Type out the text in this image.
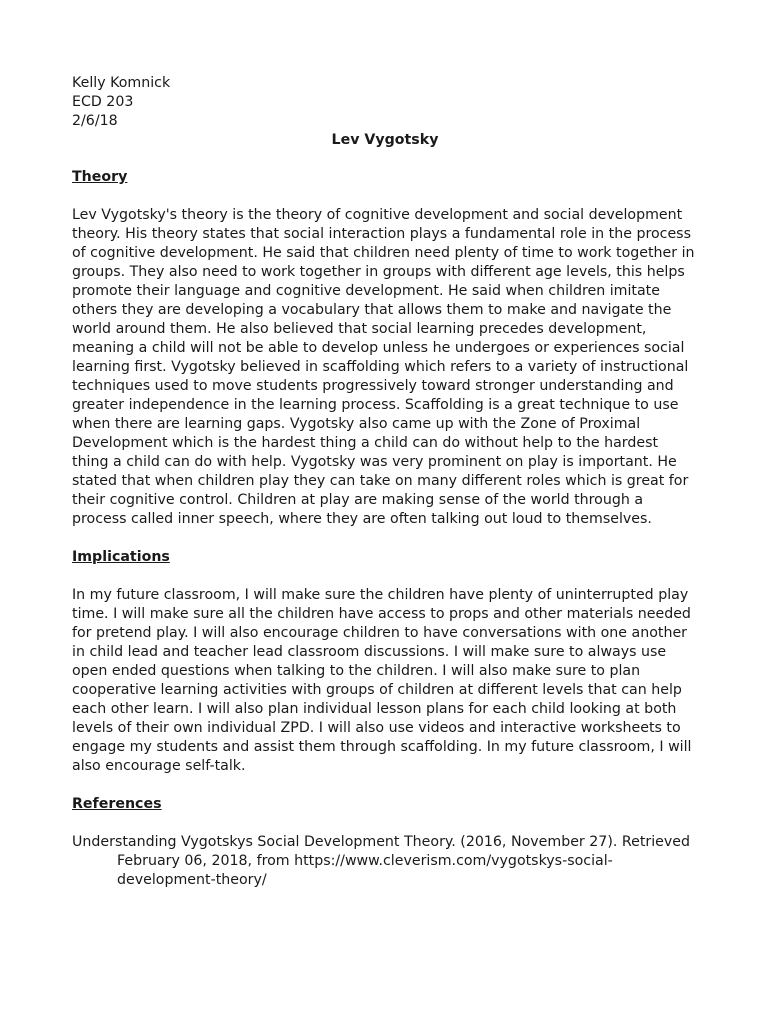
Kelly Komnick

ECD 203

2/6/18

Lev Vygotsky

Theory

Lev Vygotsky's theory is the theory of cognitive development and social development theory. His theory states that social interaction plays a fundamental role in the process of cognitive development. He said that children need plenty of time to work together in groups. They also need to work together in groups with different age levels, this helps promote their language and cognitive development. He said when children imitate others they are developing a vocabulary that allows them to make and navigate the world around them. He also believed that social learning precedes development, meaning a child will not be able to develop unless he undergoes or experiences social learning first. Vygotsky believed in scaffolding which refers to a variety of instructional techniques used to move students progressively toward stronger understanding and greater independence in the learning process. Scaffolding is a great technique to use when there are learning gaps. Vygotsky also came up with the Zone of Proximal Development which is the hardest thing a child can do without help to the hardest thing a child can do with help. Vygotsky was very prominent on play is important. He stated that when children play they can take on many different roles which is great for their cognitive control. Children at play are making sense of the world through a process called inner speech, where they are often talking out loud to themselves.

Implications

In my future classroom, I will make sure the children have plenty of uninterrupted play time. I will make sure all the children have access to props and other materials needed for pretend play. I will also encourage children to have conversations with one another in child lead and teacher lead classroom discussions. I will make sure to always use open ended questions when talking to the children. I will also make sure to plan cooperative learning activities with groups of children at different levels that can help each other learn. I will also plan individual lesson plans for each child looking at both levels of their own individual ZPD. I will also use videos and interactive worksheets to engage my students and assist them through scaffolding. In my future classroom, I will also encourage self-talk.

References

Understanding Vygotskys Social Development Theory. (2016, November 27). Retrieved February 06, 2018, from https://www.cleverism.com/vygotskys-social-development-theory/
